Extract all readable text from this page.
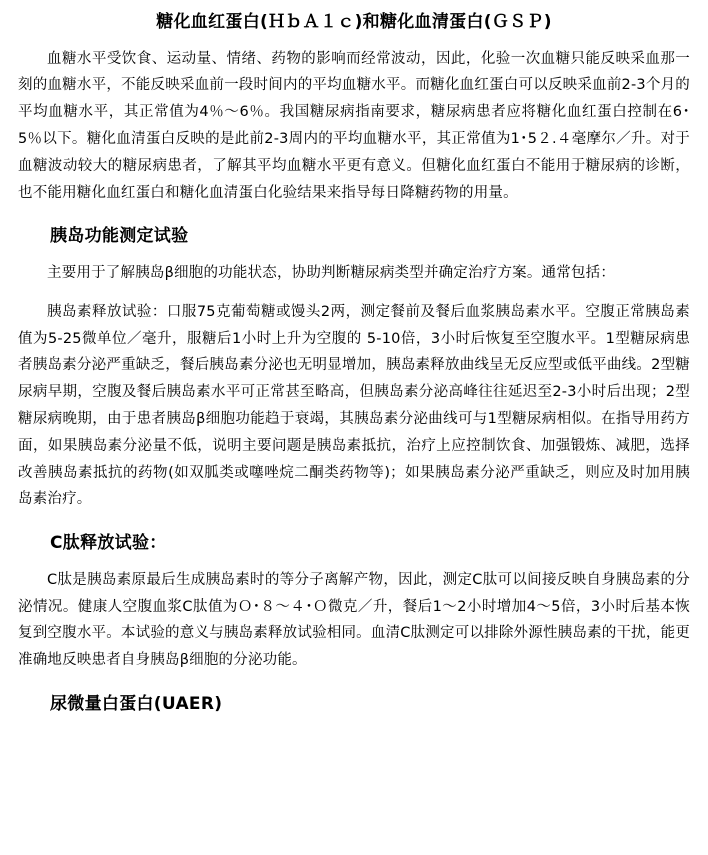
糖化血红蛋白(ＨｂＡ１ｃ)和糖化血清蛋白(ＧＳＰ)

血糖水平受饮食、运动量、情绪、药物的影响而经常波动，因此，化验一次血糖只能反映采血那一刻的血糖水平，不能反映采血前一段时间内的平均血糖水平。而糖化血红蛋白可以反映采血前2-3个月的平均血糖水平，其正常值为4％～6％。我国糖尿病指南要求，糖尿病患者应将糖化血红蛋白控制在6･5％以下。糖化血清蛋白反映的是此前2-3周内的平均血糖水平，其正常值为1･5２.４毫摩尔／升。对于血糖波动较大的糖尿病患者，了解其平均血糖水平更有意义。但糖化血红蛋白不能用于糖尿病的诊断，也不能用糖化血红蛋白和糖化血清蛋白化验结果来指导每日降糖药物的用量。

胰岛功能测定试验

主要用于了解胰岛β细胞的功能状态，协助判断糖尿病类型并确定治疗方案。通常包括：

胰岛素释放试验：口服75克葡萄糖或馒头2两，测定餐前及餐后血浆胰岛素水平。空腹正常胰岛素值为5-25微单位／毫升，服糖后1小时上升为空腹的 5-10倍，3小时后恢复至空腹水平。1型糖尿病患者胰岛素分泌严重缺乏，餐后胰岛素分泌也无明显增加，胰岛素释放曲线呈无反应型或低平曲线。2型糖尿病早期，空腹及餐后胰岛素水平可正常甚至略高，但胰岛素分泌高峰往往延迟至2-3小时后出现；2型糖尿病晚期，由于患者胰岛β细胞功能趋于衰竭，其胰岛素分泌曲线可与1型糖尿病相似。在指导用药方面，如果胰岛素分泌量不低，说明主要问题是胰岛素抵抗，治疗上应控制饮食、加强锻炼、减肥，选择改善胰岛素抵抗的药物(如双胍类或噻唑烷二酮类药物等)；如果胰岛素分泌严重缺乏，则应及时加用胰岛素治疗。

C肽释放试验：

C肽是胰岛素原最后生成胰岛素时的等分子离解产物，因此，测定C肽可以间接反映自身胰岛素的分泌情况。健康人空腹血浆C肽值为Ｏ･８～４･Ｏ微克／升，餐后1～2小时增加4～5倍，3小时后基本恢复到空腹水平。本试验的意义与胰岛素释放试验相同。血清C肽测定可以排除外源性胰岛素的干扰，能更准确地反映患者自身胰岛β细胞的分泌功能。

尿微量白蛋白(UAER)
